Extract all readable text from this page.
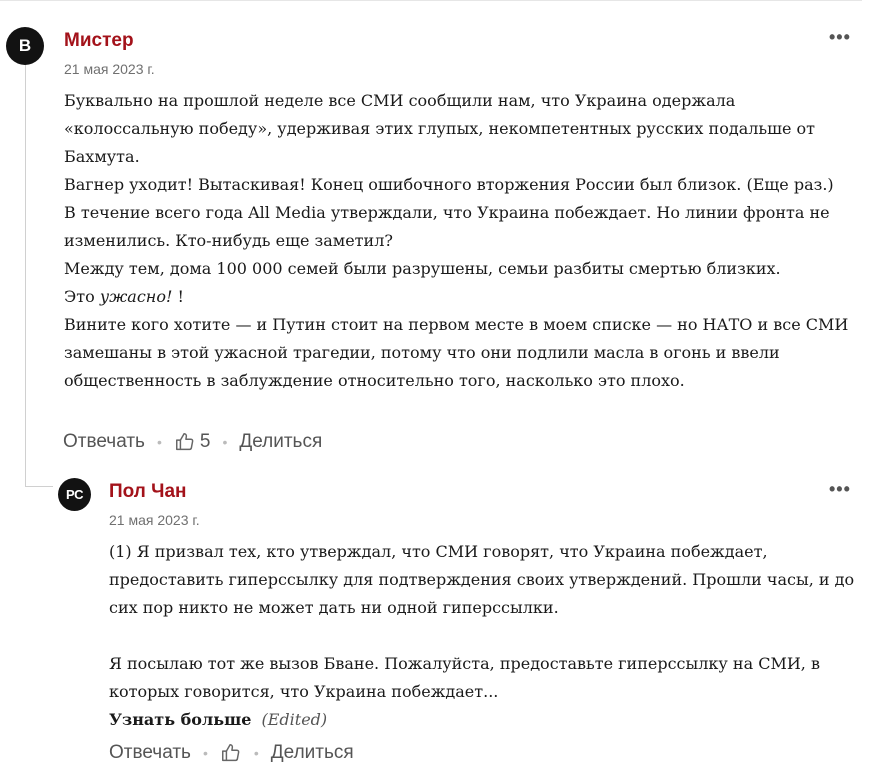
B Мистер
21 мая 2023 г.
•••

Буквально на прошлой неделе все СМИ сообщили нам, что Украина одержала «колоссальную победу», удерживая этих глупых, некомпетентных русских подальше от Бахмута.

Вагнер уходит! Вытаскивая! Конец ошибочного вторжения России был близок. (Еще раз.)

В течение всего года All Media утверждали, что Украина побеждает. Но линии фронта не изменились. Кто-нибудь еще заметил?

Между тем, дома 100 000 семей были разрушены, семьи разбиты смертью близких.

Это ужасно! !

Вините кого хотите — и Путин стоит на первом месте в моем списке — но НАТО и все СМИ замешаны в этой ужасной трагедии, потому что они подлили масла в огонь и ввели общественность в заблуждение относительно того, насколько это плохо.

Отвечать • 5 • Делиться
PC Пол Чан
21 мая 2023 г.
•••

(1) Я призвал тех, кто утверждал, что СМИ говорят, что Украина побеждает, предоставить гиперссылку для подтверждения своих утверждений. Прошли часы, и до сих пор никто не может дать ни одной гиперссылки.

Я посылаю тот же вызов Бване. Пожалуйста, предоставьте гиперссылку на СМИ, в которых говорится, что Украина побеждает...

Узнать больше (Edited)

Отвечать •	• Делиться
